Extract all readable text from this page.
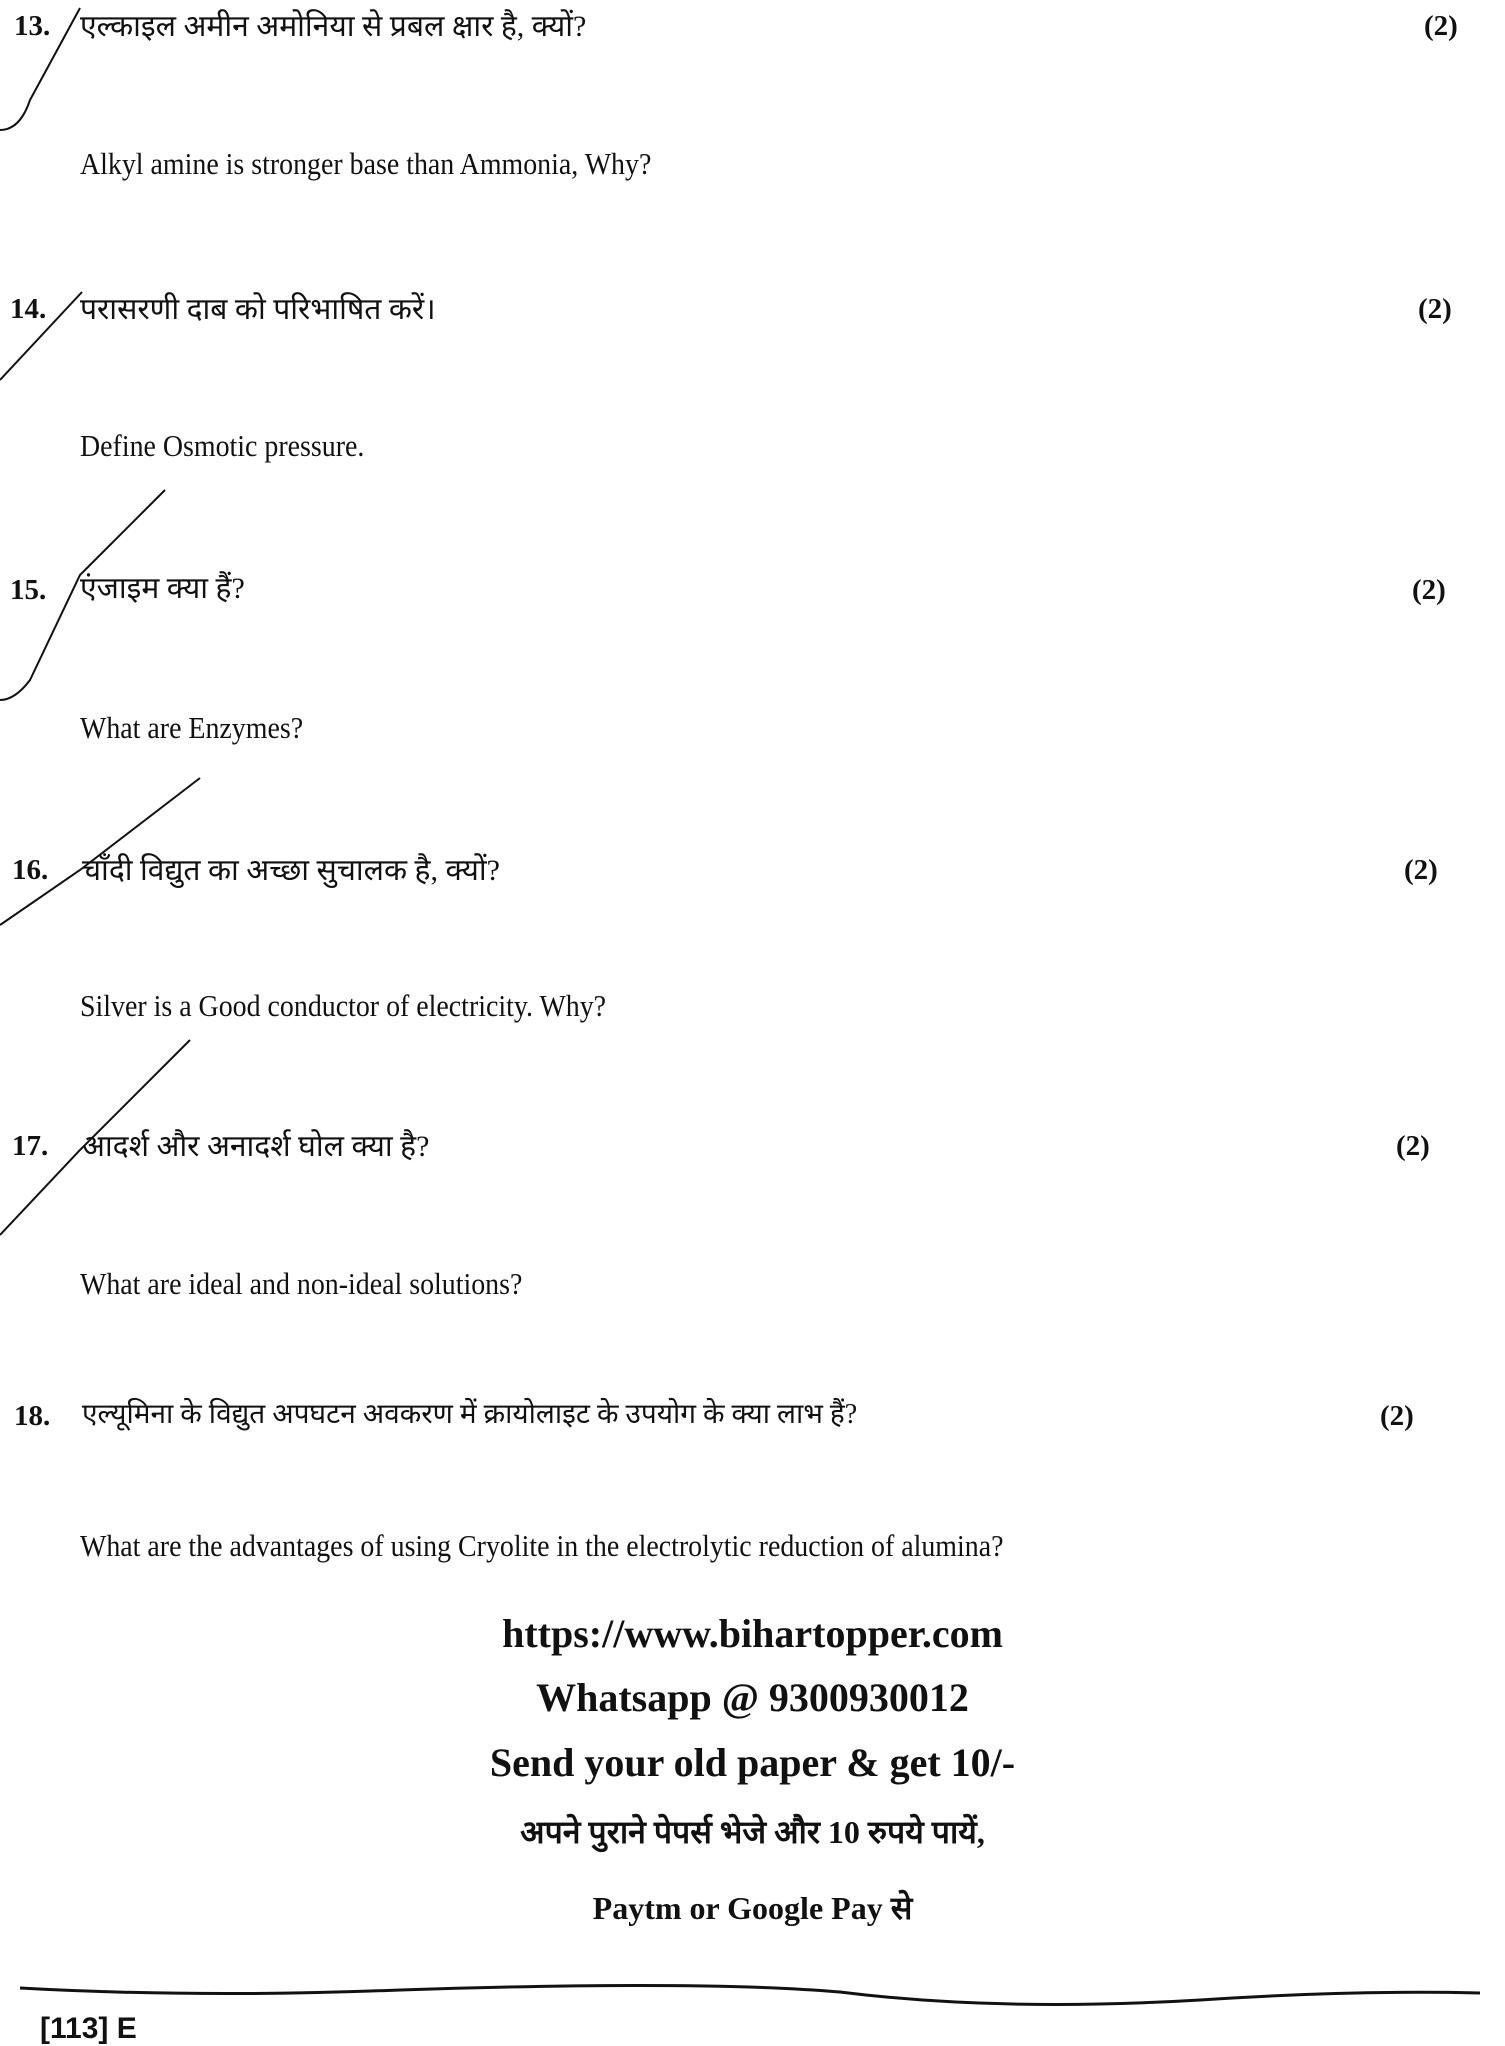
13. एल्काइल अमीन अमोनिया से प्रबल क्षार है, क्यों?	(2)
Alkyl amine is stronger base than Ammonia, Why?
14. परासरणी दाब को परिभाषित करें।	(2)
Define Osmotic pressure.
15. एंजाइम क्या हैं?	(2)
What are Enzymes?
16. चाँदी विद्युत का अच्छा सुचालक है, क्यों?	(2)
Silver is a Good conductor of electricity. Why?
17. आदर्श और अनादर्श घोल क्या है?	(2)
What are ideal and non-ideal solutions?
18. एल्यूमिना के विद्युत अपघटन अवकरण में क्रायोलाइट के उपयोग के क्या लाभ हैं?	(2)
What are the advantages of using Cryolite in the electrolytic reduction of alumina?
https://www.bihartopper.com
Whatsapp @ 9300930012
Send your old paper & get 10/-
अपने पुराने पेपर्स भेजे और 10 रुपये पायें,
Paytm or Google Pay से
[113] E
